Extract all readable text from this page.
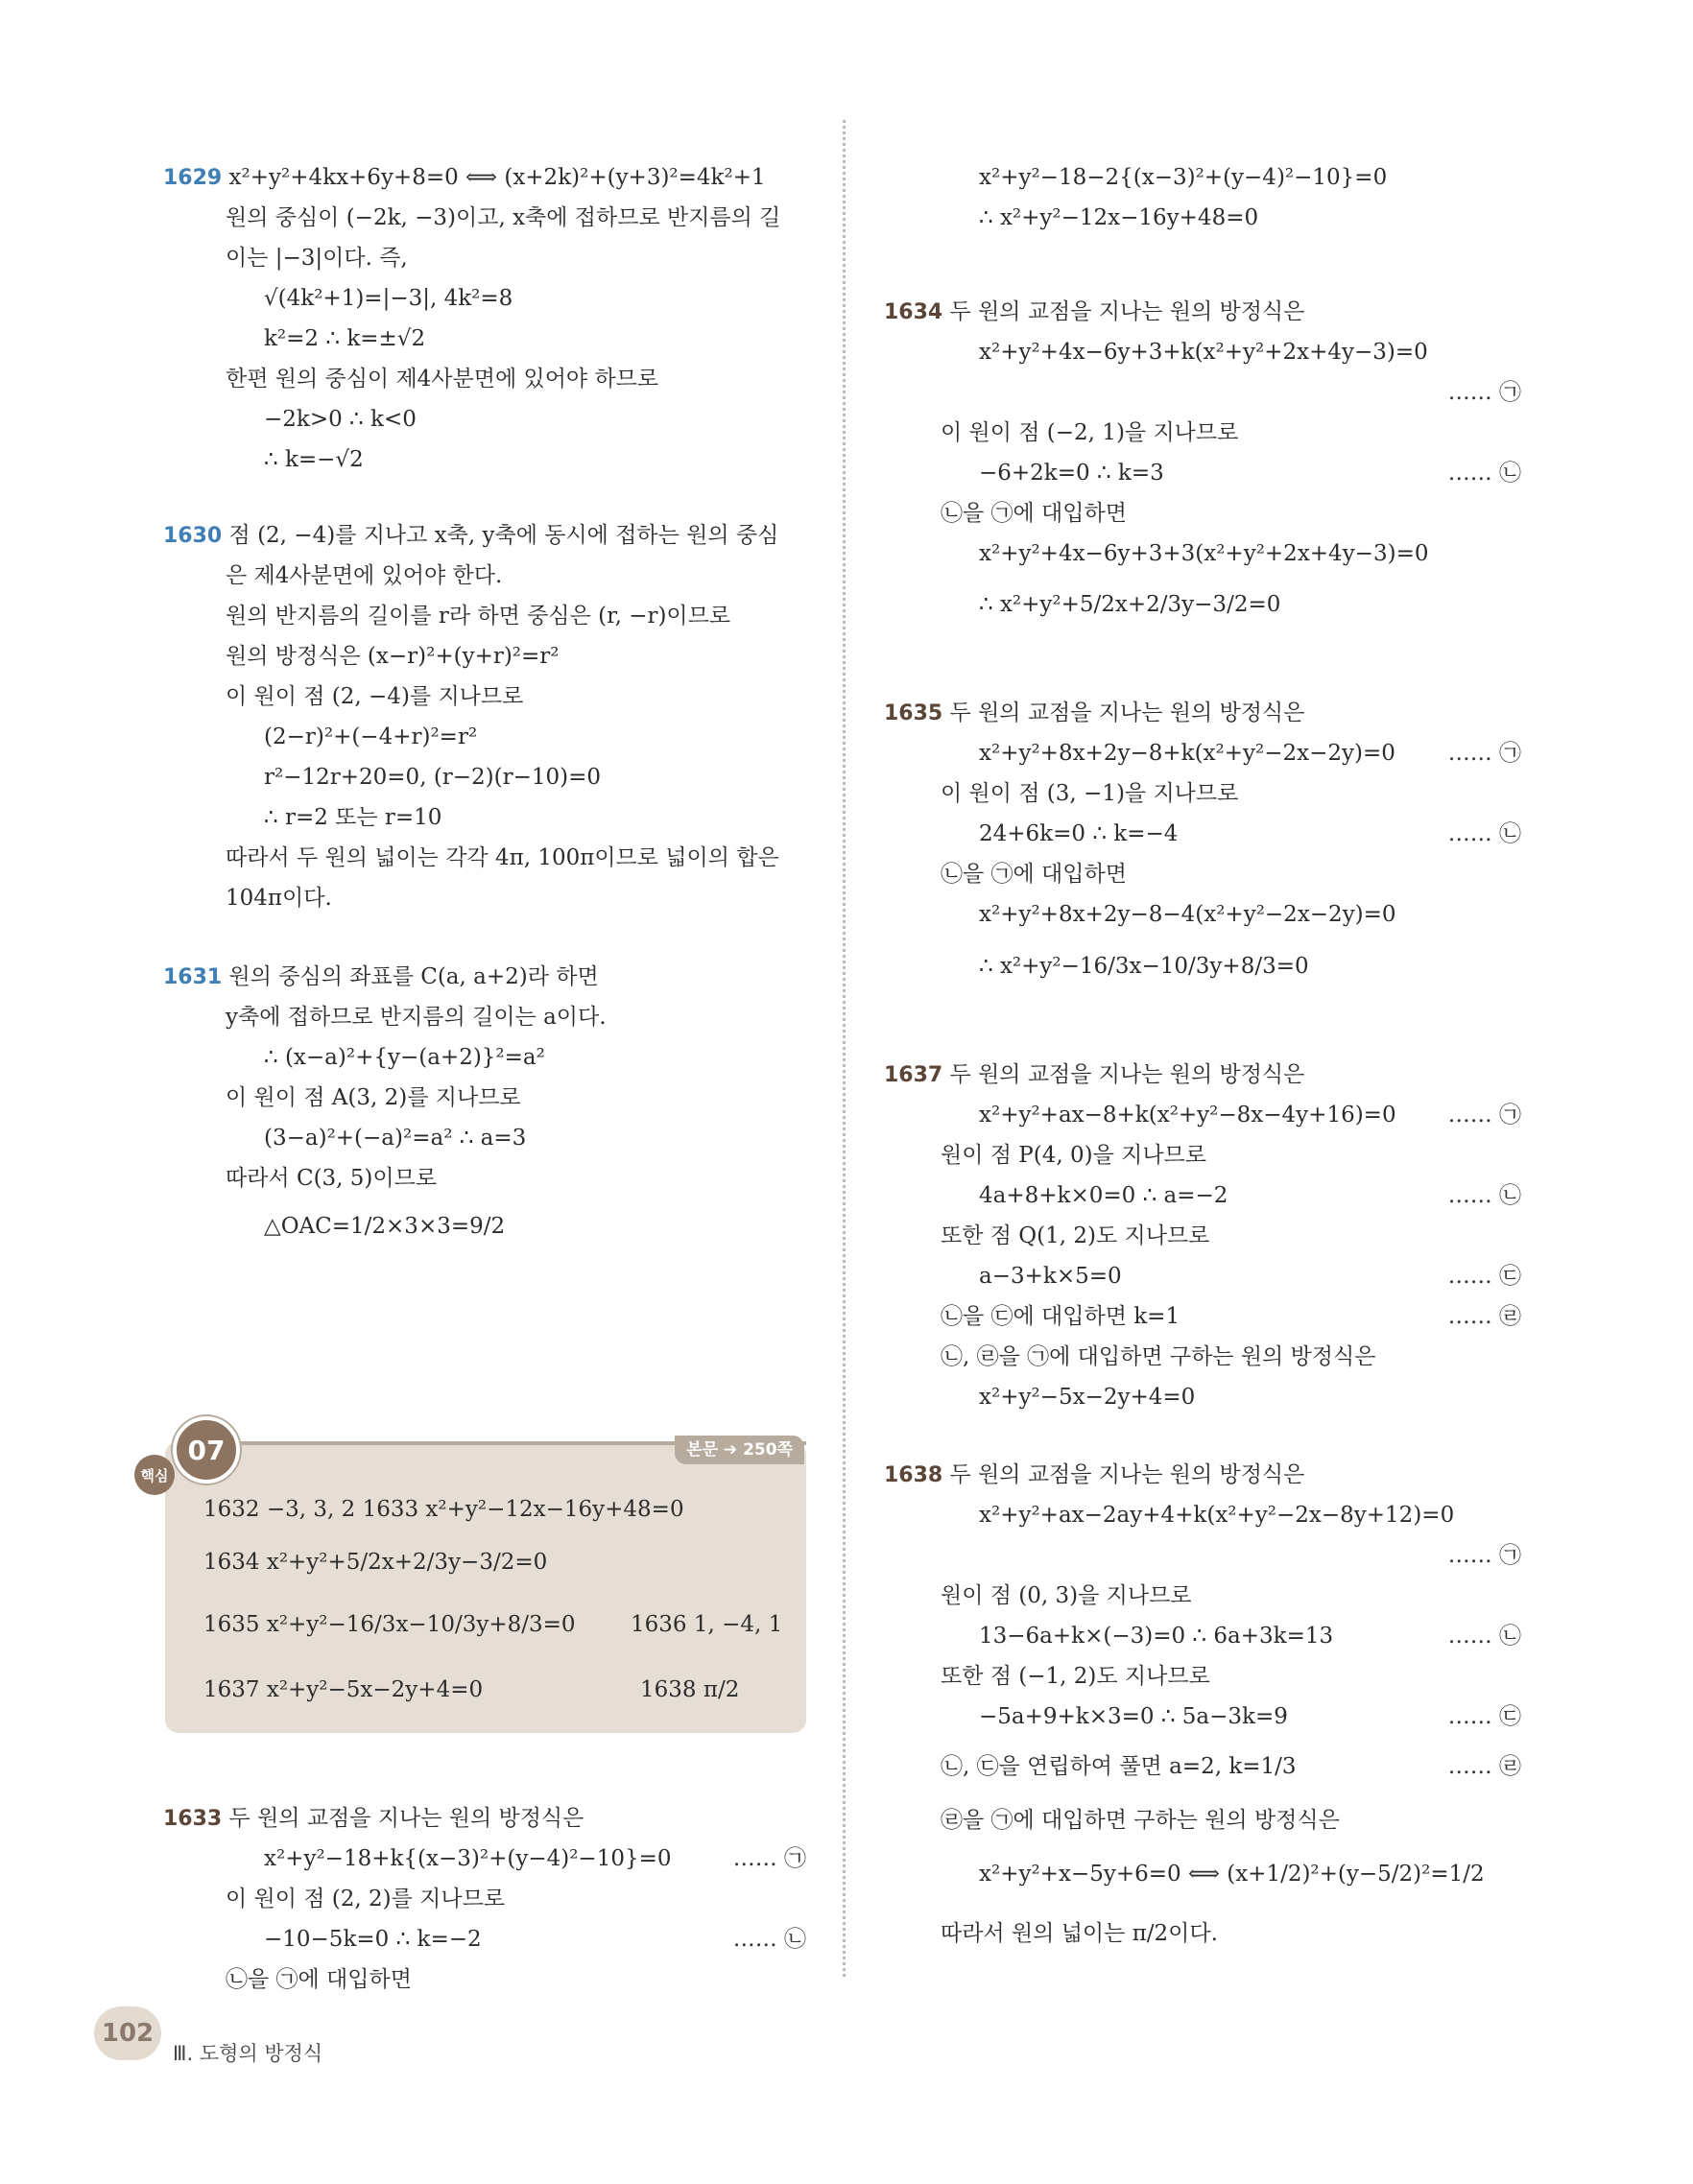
1629 x²+y²+4kx+6y+8=0 ⟺ (x+2k)²+(y+3)²=4k²+1
원의 중심이 (−2k, −3)이고, x축에 접하므로 반지름의 길
이는 |−3|이다. 즉,
√(4k²+1)=|−3|, 4k²=8
k²=2 ∴ k=±√2
한편 원의 중심이 제4사분면에 있어야 하므로
−2k>0 ∴ k<0
∴ k=−√2
1630 점 (2, −4)를 지나고 x축, y축에 동시에 접하는 원의 중심
은 제4사분면에 있어야 한다.
원의 반지름의 길이를 r라 하면 중심은 (r, −r)이므로
원의 방정식은 (x−r)²+(y+r)²=r²
이 원이 점 (2, −4)를 지나므로
(2−r)²+(−4+r)²=r²
r²−12r+20=0, (r−2)(r−10)=0
∴ r=2 또는 r=10
따라서 두 원의 넓이는 각각 4π, 100π이므로 넓이의 합은
104π이다.
1631 원의 중심의 좌표를 C(a, a+2)라 하면
y축에 접하므로 반지름의 길이는 a이다.
∴ (x−a)²+{y−(a+2)}²=a²
이 원이 점 A(3, 2)를 지나므로
(3−a)²+(−a)²=a² ∴ a=3
따라서 C(3, 5)이므로
△OAC=1/2×3×3=9/2
1633 두 원의 교점을 지나는 원의 방정식은
x²+y²−18+k{(x−3)²+(y−4)²−10}=0	…… ㉠
이 원이 점 (2, 2)를 지나므로
−10−5k=0 ∴ k=−2	…… ㉡
㉡을 ㉠에 대입하면
핵심
07	본문 ➔ 250쪽
1632 −3, 3, 2 1633 x²+y²−12x−16y+48=0
1634 x²+y²+5/2x+2/3y−3/2=0
1635 x²+y²−16/3x−10/3y+8/3=0 1636 1, −4, 1
1637 x²+y²−5x−2y+4=0	1638 π/2
x²+y²−18−2{(x−3)²+(y−4)²−10}=0
∴ x²+y²−12x−16y+48=0
1634 두 원의 교점을 지나는 원의 방정식은
x²+y²+4x−6y+3+k(x²+y²+2x+4y−3)=0
…… ㉠
이 원이 점 (−2, 1)을 지나므로
−6+2k=0 ∴ k=3	…… ㉡
㉡을 ㉠에 대입하면
x²+y²+4x−6y+3+3(x²+y²+2x+4y−3)=0
∴ x²+y²+5/2x+2/3y−3/2=0
1635 두 원의 교점을 지나는 원의 방정식은
x²+y²+8x+2y−8+k(x²+y²−2x−2y)=0 …… ㉠
이 원이 점 (3, −1)을 지나므로
24+6k=0 ∴ k=−4	…… ㉡
㉡을 ㉠에 대입하면
x²+y²+8x+2y−8−4(x²+y²−2x−2y)=0
∴ x²+y²−16/3x−10/3y+8/3=0
1637 두 원의 교점을 지나는 원의 방정식은
x²+y²+ax−8+k(x²+y²−8x−4y+16)=0 …… ㉠
원이 점 P(4, 0)을 지나므로
4a+8+k×0=0 ∴ a=−2	…… ㉡
또한 점 Q(1, 2)도 지나므로
a−3+k×5=0	…… ㉢
㉡을 ㉢에 대입하면 k=1	…… ㉣
㉡, ㉣을 ㉠에 대입하면 구하는 원의 방정식은
x²+y²−5x−2y+4=0
1638 두 원의 교점을 지나는 원의 방정식은
x²+y²+ax−2ay+4+k(x²+y²−2x−8y+12)=0
…… ㉠
원이 점 (0, 3)을 지나므로
13−6a+k×(−3)=0 ∴ 6a+3k=13	…… ㉡
또한 점 (−1, 2)도 지나므로
−5a+9+k×3=0 ∴ 5a−3k=9	…… ㉢
㉡, ㉢을 연립하여 풀면 a=2, k=1/3	…… ㉣
㉣을 ㉠에 대입하면 구하는 원의 방정식은
x²+y²+x−5y+6=0 ⟺ (x+1/2)²+(y−5/2)²=1/2
따라서 원의 넓이는 π/2이다.
102
Ⅲ. 도형의 방정식
